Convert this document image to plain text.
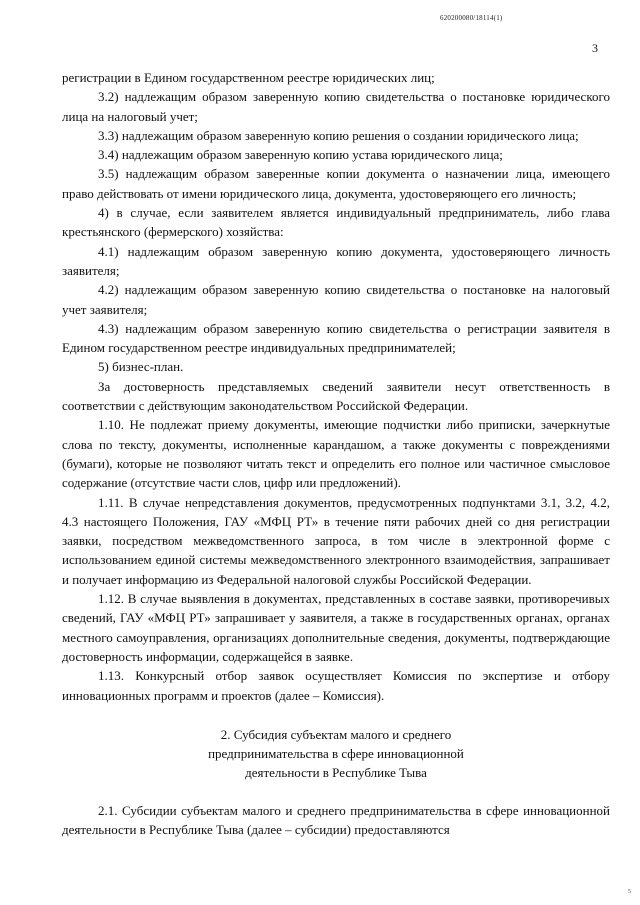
620200080/18114(1)
3

регистрации в Едином государственном реестре юридических лиц;

3.2) надлежащим образом заверенную копию свидетельства о постановке юридического лица на налоговый учет;

3.3) надлежащим образом заверенную копию решения о создании юридического лица;

3.4) надлежащим образом заверенную копию устава юридического лица;

3.5) надлежащим образом заверенные копии документа о назначении лица, имеющего право действовать от имени юридического лица, документа, удостоверяющего его личность;

4) в случае, если заявителем является индивидуальный предприниматель, либо глава крестьянского (фермерского) хозяйства:

4.1) надлежащим образом заверенную копию документа, удостоверяющего личность заявителя;

4.2) надлежащим образом заверенную копию свидетельства о постановке на налоговый учет заявителя;

4.3) надлежащим образом заверенную копию свидетельства о регистрации заявителя в Едином государственном реестре индивидуальных предпринимателей;

5) бизнес-план.

За достоверность представляемых сведений заявители несут ответственность в соответствии с действующим законодательством Российской Федерации.

1.10. Не подлежат приему документы, имеющие подчистки либо приписки, зачеркнутые слова по тексту, документы, исполненные карандашом, а также документы с повреждениями (бумаги), которые не позволяют читать текст и определить его полное или частичное смысловое содержание (отсутствие части слов, цифр или предложений).

1.11. В случае непредставления документов, предусмотренных подпунктами 3.1, 3.2, 4.2, 4.3 настоящего Положения, ГАУ «МФЦ РТ» в течение пяти рабочих дней со дня регистрации заявки, посредством межведомственного запроса, в том числе в электронной форме с использованием единой системы межведомственного электронного взаимодействия, запрашивает и получает информацию из Федеральной налоговой службы Российской Федерации.

1.12. В случае выявления в документах, представленных в составе заявки, противоречивых сведений, ГАУ «МФЦ РТ» запрашивает у заявителя, а также в государственных органах, органах местного самоуправления, организациях дополнительные сведения, документы, подтверждающие достоверность информации, содержащейся в заявке.

1.13. Конкурсный отбор заявок осуществляет Комиссия по экспертизе и отбору инновационных программ и проектов (далее – Комиссия).

2. Субсидия субъектам малого и среднего
предпринимательства в сфере инновационной
деятельности в Республике Тыва

2.1. Субсидии субъектам малого и среднего предпринимательства в сфере инновационной деятельности в Республике Тыва (далее – субсидии) предоставляются

5
